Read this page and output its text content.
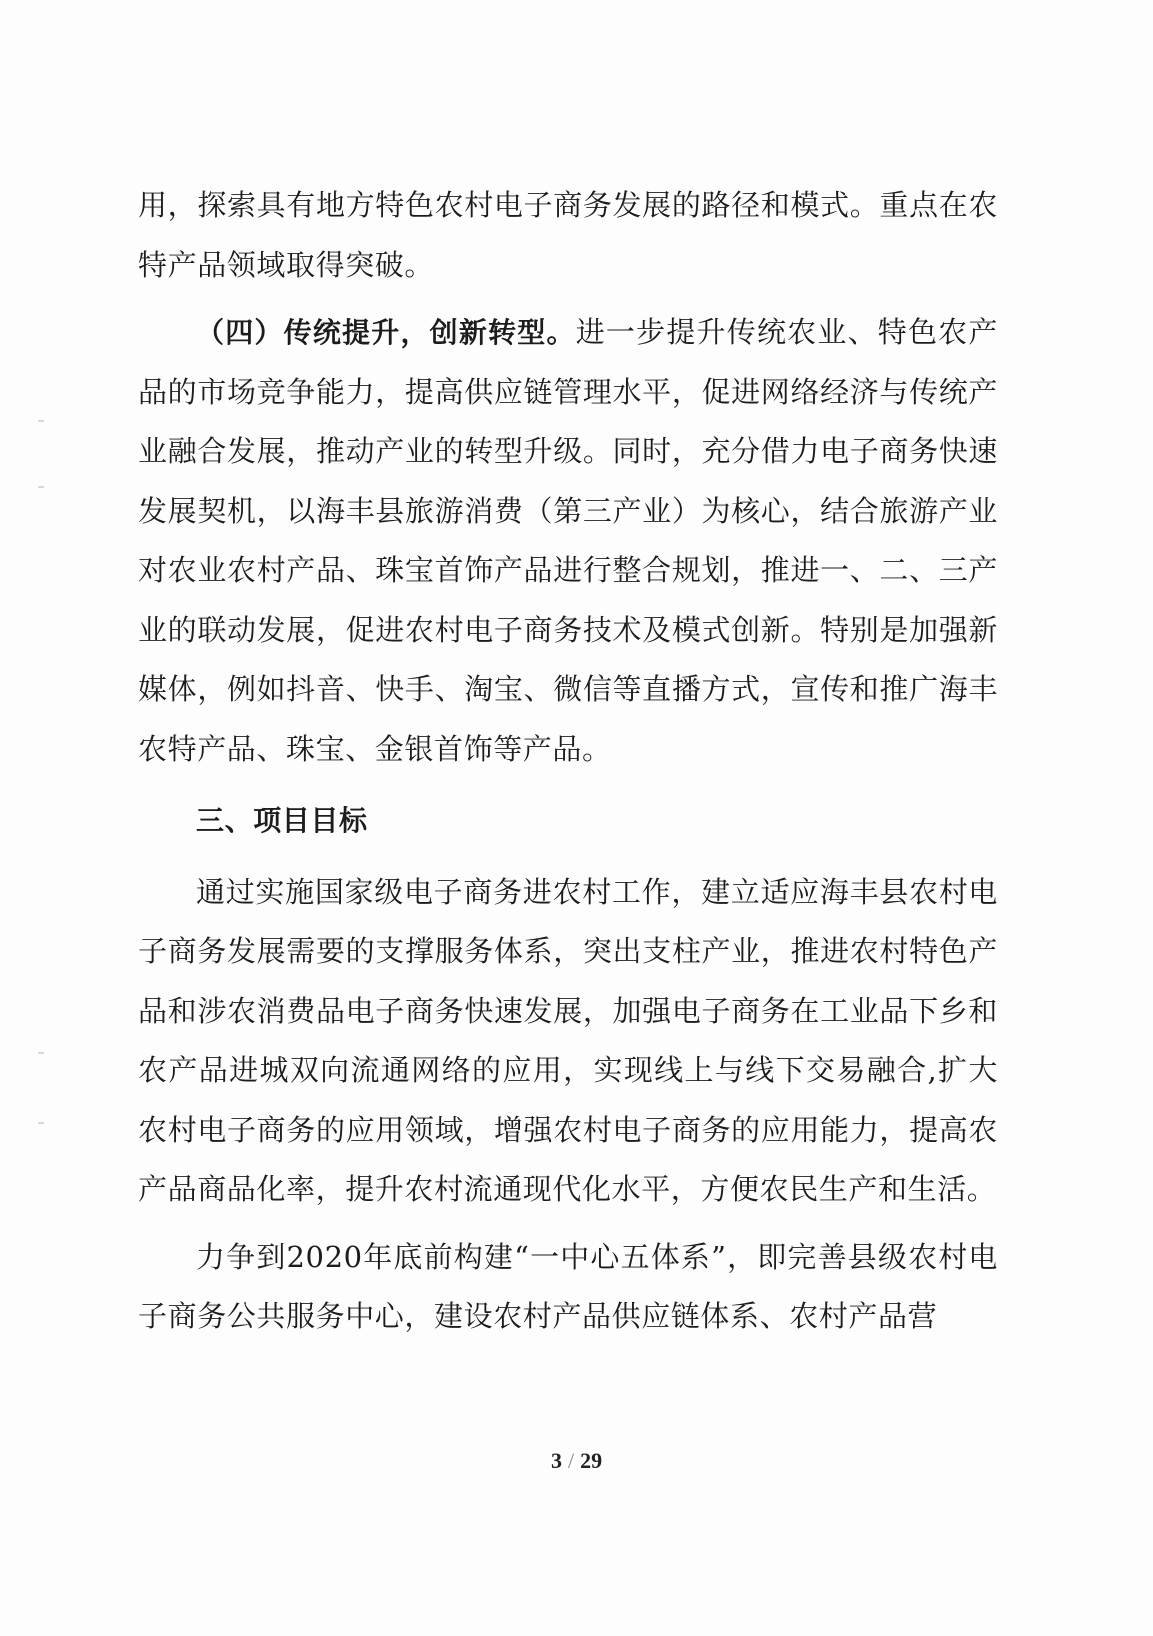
用，探索具有地方特色农村电子商务发展的路径和模式。重点在农特产品领域取得突破。

（四）传统提升，创新转型。进一步提升传统农业、特色农产品的市场竞争能力，提高供应链管理水平，促进网络经济与传统产业融合发展，推动产业的转型升级。同时，充分借力电子商务快速发展契机，以海丰县旅游消费（第三产业）为核心，结合旅游产业对农业农村产品、珠宝首饰产品进行整合规划，推进一、二、三产业的联动发展，促进农村电子商务技术及模式创新。特别是加强新媒体，例如抖音、快手、淘宝、微信等直播方式，宣传和推广海丰农特产品、珠宝、金银首饰等产品。

三、项目目标

通过实施国家级电子商务进农村工作，建立适应海丰县农村电子商务发展需要的支撑服务体系，突出支柱产业，推进农村特色产品和涉农消费品电子商务快速发展，加强电子商务在工业品下乡和农产品进城双向流通网络的应用，实现线上与线下交易融合,扩大农村电子商务的应用领域，增强农村电子商务的应用能力，提高农产品商品化率，提升农村流通现代化水平，方便农民生产和生活。

力争到2020年底前构建“一中心五体系”，即完善县级农村电子商务公共服务中心，建设农村产品供应链体系、农村产品营

3 / 29
